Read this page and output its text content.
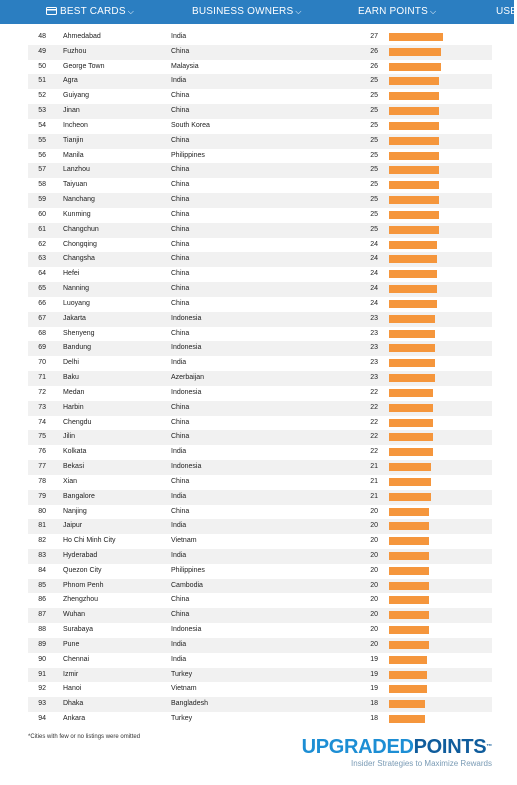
BEST CARDS ⌵	BUSINESS OWNERS ⌵	EARN POINTS ⌵	USE
48 Ahmedabad	India	27
49 Fuzhou	China	26
50 George Town	Malaysia	26
51 Agra	India	25
52 Guiyang	China	25
53 Jinan	China	25
54 Incheon	South Korea	25
55 Tianjin	China	25
56 Manila	Philippines	25
57 Lanzhou	China	25
58 Taiyuan	China	25
59 Nanchang	China	25
60 Kunming	China	25
61 Changchun	China	25
62 Chongqing	China	24
63 Changsha	China	24
64 Hefei	China	24
65 Nanning	China	24
66 Luoyang	China	24
67 Jakarta	Indonesia	23
68 Shenyeng	China	23
69 Bandung	Indonesia	23
70 Delhi	India	23
71 Baku	Azerbaijan	23
72 Medan	Indonesia	22
73 Harbin	China	22
74 Chengdu	China	22
75 Jilin	China	22
76 Kolkata	India	22
77 Bekasi	Indonesia	21
78 Xian	China	21
79 Bangalore	India	21
80 Nanjing	China	20
81 Jaipur	India	20
82 Ho Chi Minh City	Vietnam	20
83 Hyderabad	India	20
84 Quezon City	Philippines	20
85 Phnom Penh	Cambodia	20
86 Zhengzhou	China	20
87 Wuhan	China	20
88 Surabaya	Indonesia	20
89 Pune	India	20
90 Chennai	India	19
91 Izmir	Turkey	19
92 Hanoi	Vietnam	19
93 Dhaka	Bangladesh	18
94 Ankara	Turkey	18
*Cities with few or no listings were omitted	UPGRADEDPOINTS™
Insider Strategies to Maximize Rewards
